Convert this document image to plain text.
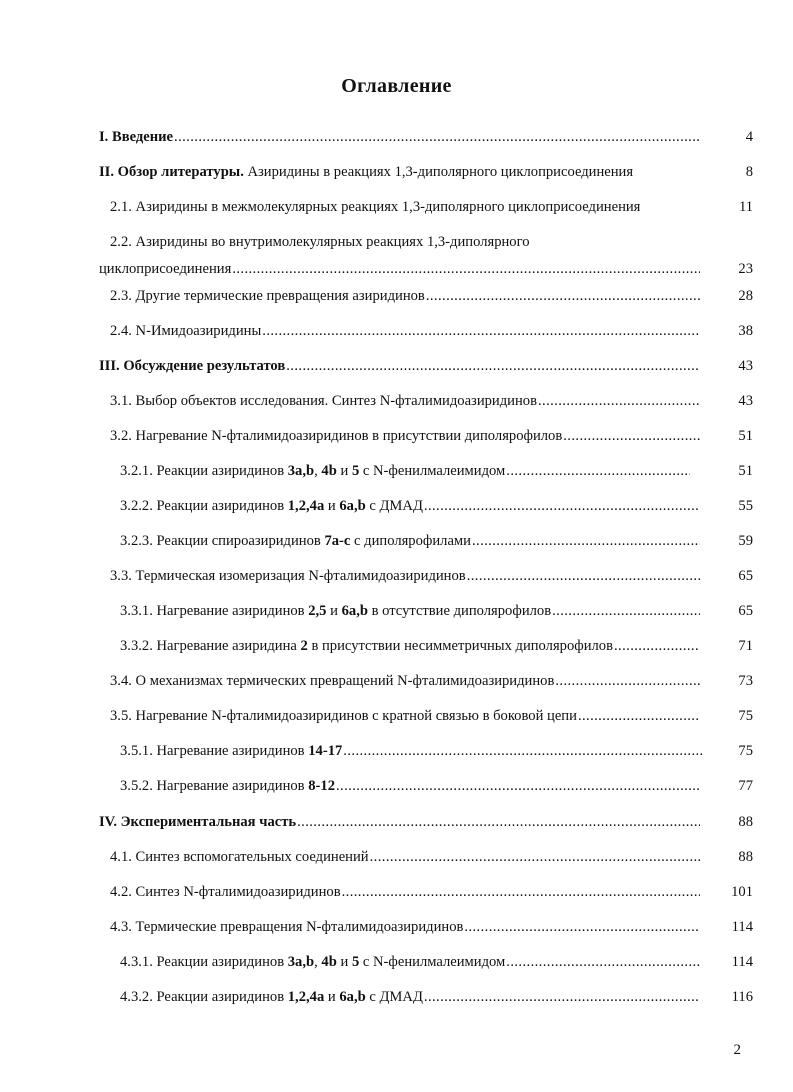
Оглавление
I. Введение .....	4
II. Обзор литературы. Азиридины в реакциях 1,3-диполярного циклоприсоединения	8
2.1. Азиридины в межмолекулярных реакциях 1,3-диполярного циклоприсоединения	11
2.2. Азиридины во внутримолекулярных реакциях 1,3-диполярного
циклоприсоединения .....	23
2.3. Другие термические превращения азиридинов .....	28
2.4. N-Имидоазиридины .....	38
III. Обсуждение результатов .....	43
3.1. Выбор объектов исследования. Синтез N-фталимидоазиридинов .....	43
3.2. Нагревание N-фталимидоазиридинов в присутствии диполярофилов .....	51
3.2.1. Реакции азиридинов 3a,b, 4b и 5 с N-фенилмалеимидом .....	51
3.2.2. Реакции азиридинов 1,2,4a и 6a,b с ДМАД .....	55
3.2.3. Реакции спироазиридинов 7a-c с диполярофилами .....	59
3.3. Термическая изомеризация N-фталимидоазиридинов .....	65
3.3.1. Нагревание азиридинов 2,5 и 6a,b в отсутствие диполярофилов .....	65
3.3.2. Нагревание азиридина 2 в присутствии несимметричных диполярофилов .....	71
3.4. О механизмах термических превращений N-фталимидоазиридинов .....	73
3.5. Нагревание N-фталимидоазиридинов с кратной связью в боковой цепи .....	75
3.5.1. Нагревание азиридинов 14-17 .....	75
3.5.2. Нагревание азиридинов 8-12 .....	77
IV. Экспериментальная часть .....	88
4.1. Синтез вспомогательных соединений .....	88
4.2. Синтез N-фталимидоазиридинов .....	101
4.3. Термические превращения N-фталимидоазиридинов .....	114
4.3.1. Реакции азиридинов 3a,b, 4b и 5 с N-фенилмалеимидом .....	114
4.3.2. Реакции азиридинов 1,2,4a и 6a,b с ДМАД .....	116
2
